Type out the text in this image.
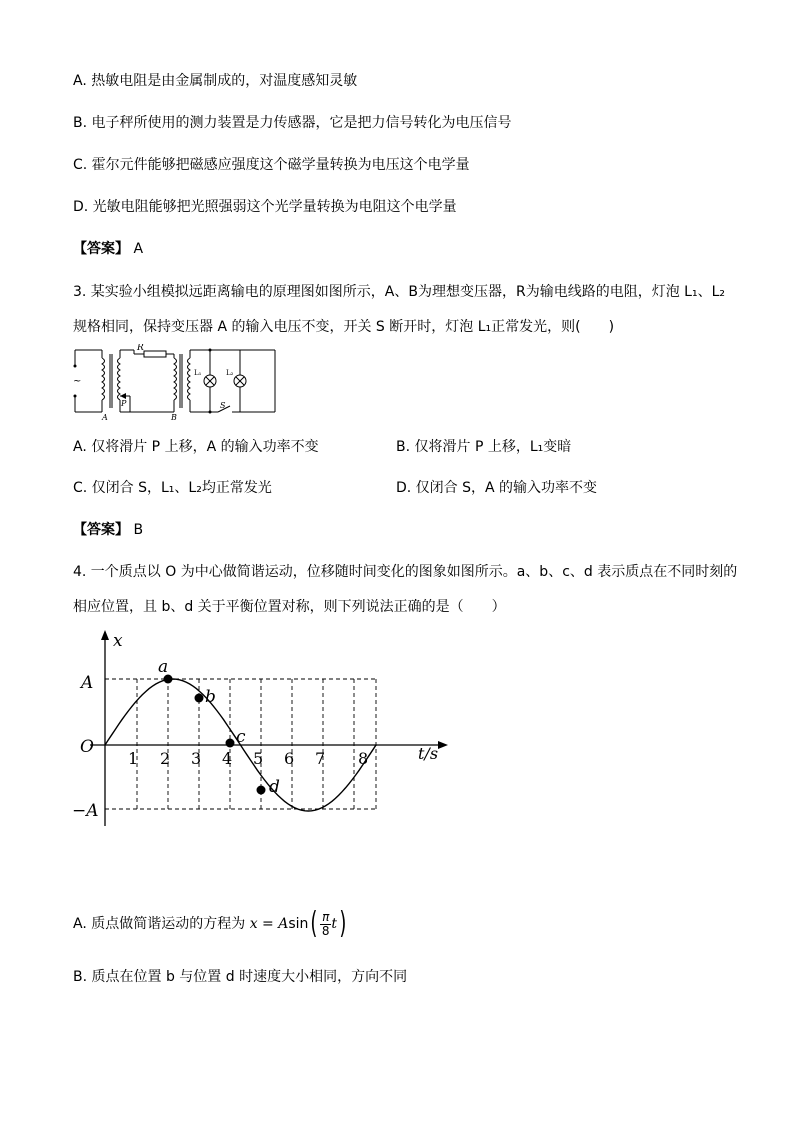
A. 热敏电阻是由金属制成的，对温度感知灵敏
B. 电子秤所使用的测力装置是力传感器，它是把力信号转化为电压信号
C. 霍尔元件能够把磁感应强度这个磁学量转换为电压这个电学量
D. 光敏电阻能够把光照强弱这个光学量转换为电阻这个电学量
【答案】 A
3. 某实验小组模拟远距离输电的原理图如图所示，A、B为理想变压器，R为输电线路的电阻，灯泡 L₁、L₂
规格相同，保持变压器 A 的输入电压不变，开关 S 断开时，灯泡 L₁正常发光，则(　　)
~
R
P
A	B
L₁	L₂
S
A. 仅将滑片 P 上移，A 的输入功率不变	B. 仅将滑片 P 上移，L₁变暗
C. 仅闭合 S，L₁、L₂均正常发光	D. 仅闭合 S，A 的输入功率不变
【答案】 B
4. 一个质点以 O 为中心做简谐运动，位移随时间变化的图象如图所示。a、b、c、d 表示质点在不同时刻的
相应位置，且 b、d 关于平衡位置对称，则下列说法正确的是（　　）
x
t/s
O
A
−A
1 2 3 4 5 6 7 8
a
b
c
d
A. 质点做简谐运动的方程为 $x = Asin( \frac{\pi}{8} t)$
B. 质点在位置 b 与位置 d 时速度大小相同，方向不同
